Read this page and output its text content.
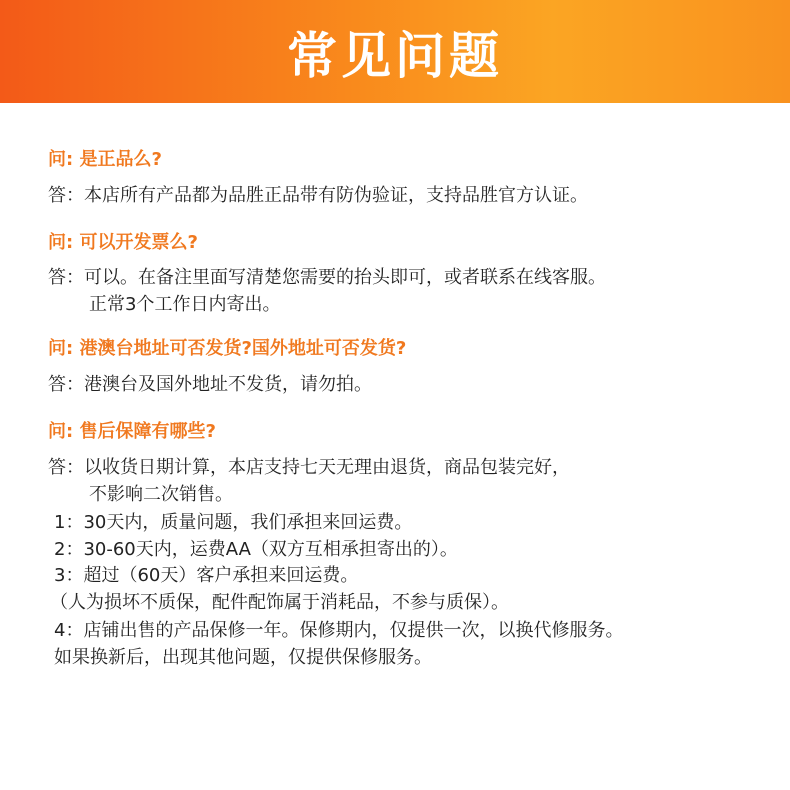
常见问题
问: 是正品么?
答：本店所有产品都为品胜正品带有防伪验证，支持品胜官方认证。
问: 可以开发票么?
答：可以。在备注里面写清楚您需要的抬头即可，或者联系在线客服。
正常3个工作日内寄出。
问: 港澳台地址可否发货?国外地址可否发货?
答：港澳台及国外地址不发货，请勿拍。
问: 售后保障有哪些?
答：以收货日期计算，本店支持七天无理由退货，商品包装完好，
不影响二次销售。
1：30天内，质量问题，我们承担来回运费。
2：30-60天内，运费AA（双方互相承担寄出的）。
3：超过（60天）客户承担来回运费。
（人为损坏不质保，配件配饰属于消耗品，不参与质保）。
4：店铺出售的产品保修一年。保修期内，仅提供一次，以换代修服务。
如果换新后，出现其他问题，仅提供保修服务。
